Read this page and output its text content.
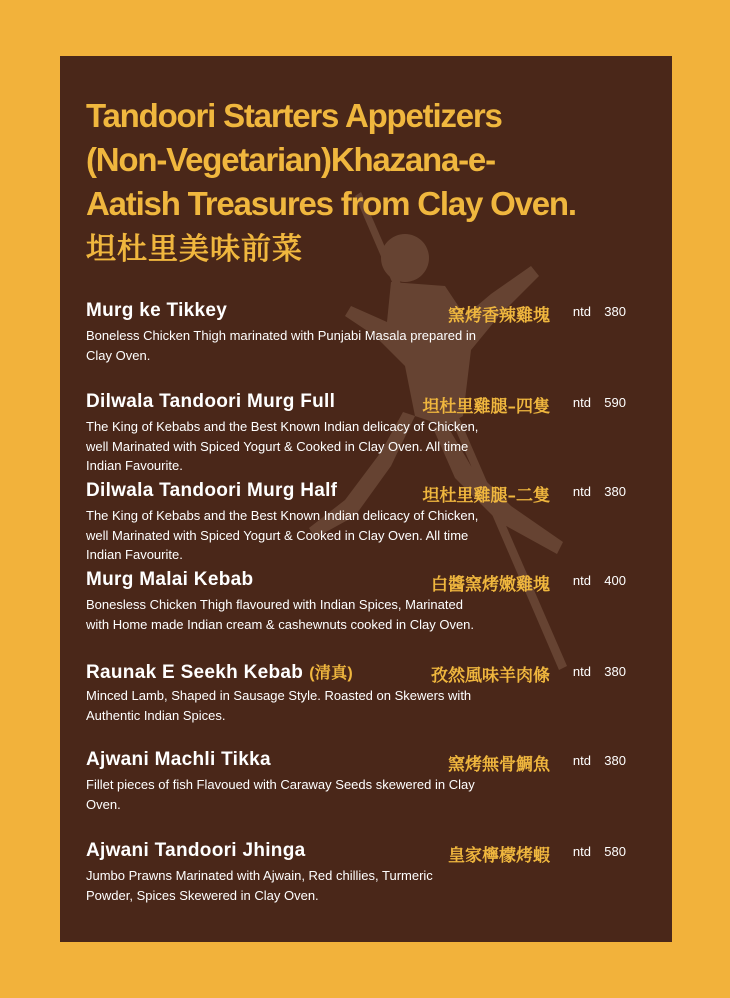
Tandoori Starters Appetizers
(Non-Vegetarian)Khazana-e-
Aatish Treasures from Clay Oven.
坦杜里美味前菜
Murg ke Tikkey	窯烤香辣雞塊 ntd 380

Boneless Chicken Thigh marinated with Punjabi Masala prepared in Clay Oven.

Dilwala Tandoori Murg Full	坦杜里雞腿–四隻 ntd 590

The King of Kebabs and the Best Known Indian delicacy of Chicken, well Marinated with Spiced Yogurt & Cooked in Clay Oven. All time Indian Favourite.

Dilwala Tandoori Murg Half	坦杜里雞腿–二隻 ntd 380

The King of Kebabs and the Best Known Indian delicacy of Chicken, well Marinated with Spiced Yogurt & Cooked in Clay Oven. All time Indian Favourite.

Murg Malai Kebab	白醬窯烤嫩雞塊 ntd 400

Bonesless Chicken Thigh flavoured with Indian Spices, Marinated with Home made Indian cream & cashewnuts cooked in Clay Oven.

Raunak E Seekh Kebab (清真)	孜然風味羊肉條 ntd 380

Minced Lamb, Shaped in Sausage Style. Roasted on Skewers with Authentic Indian Spices.

Ajwani Machli Tikka	窯烤無骨鯛魚 ntd 380

Fillet pieces of fish Flavoued with Caraway Seeds skewered in Clay Oven.

Ajwani Tandoori Jhinga	皇家檸檬烤蝦 ntd 580

Jumbo Prawns Marinated with Ajwain, Red chillies, Turmeric Powder, Spices Skewered in Clay Oven.
